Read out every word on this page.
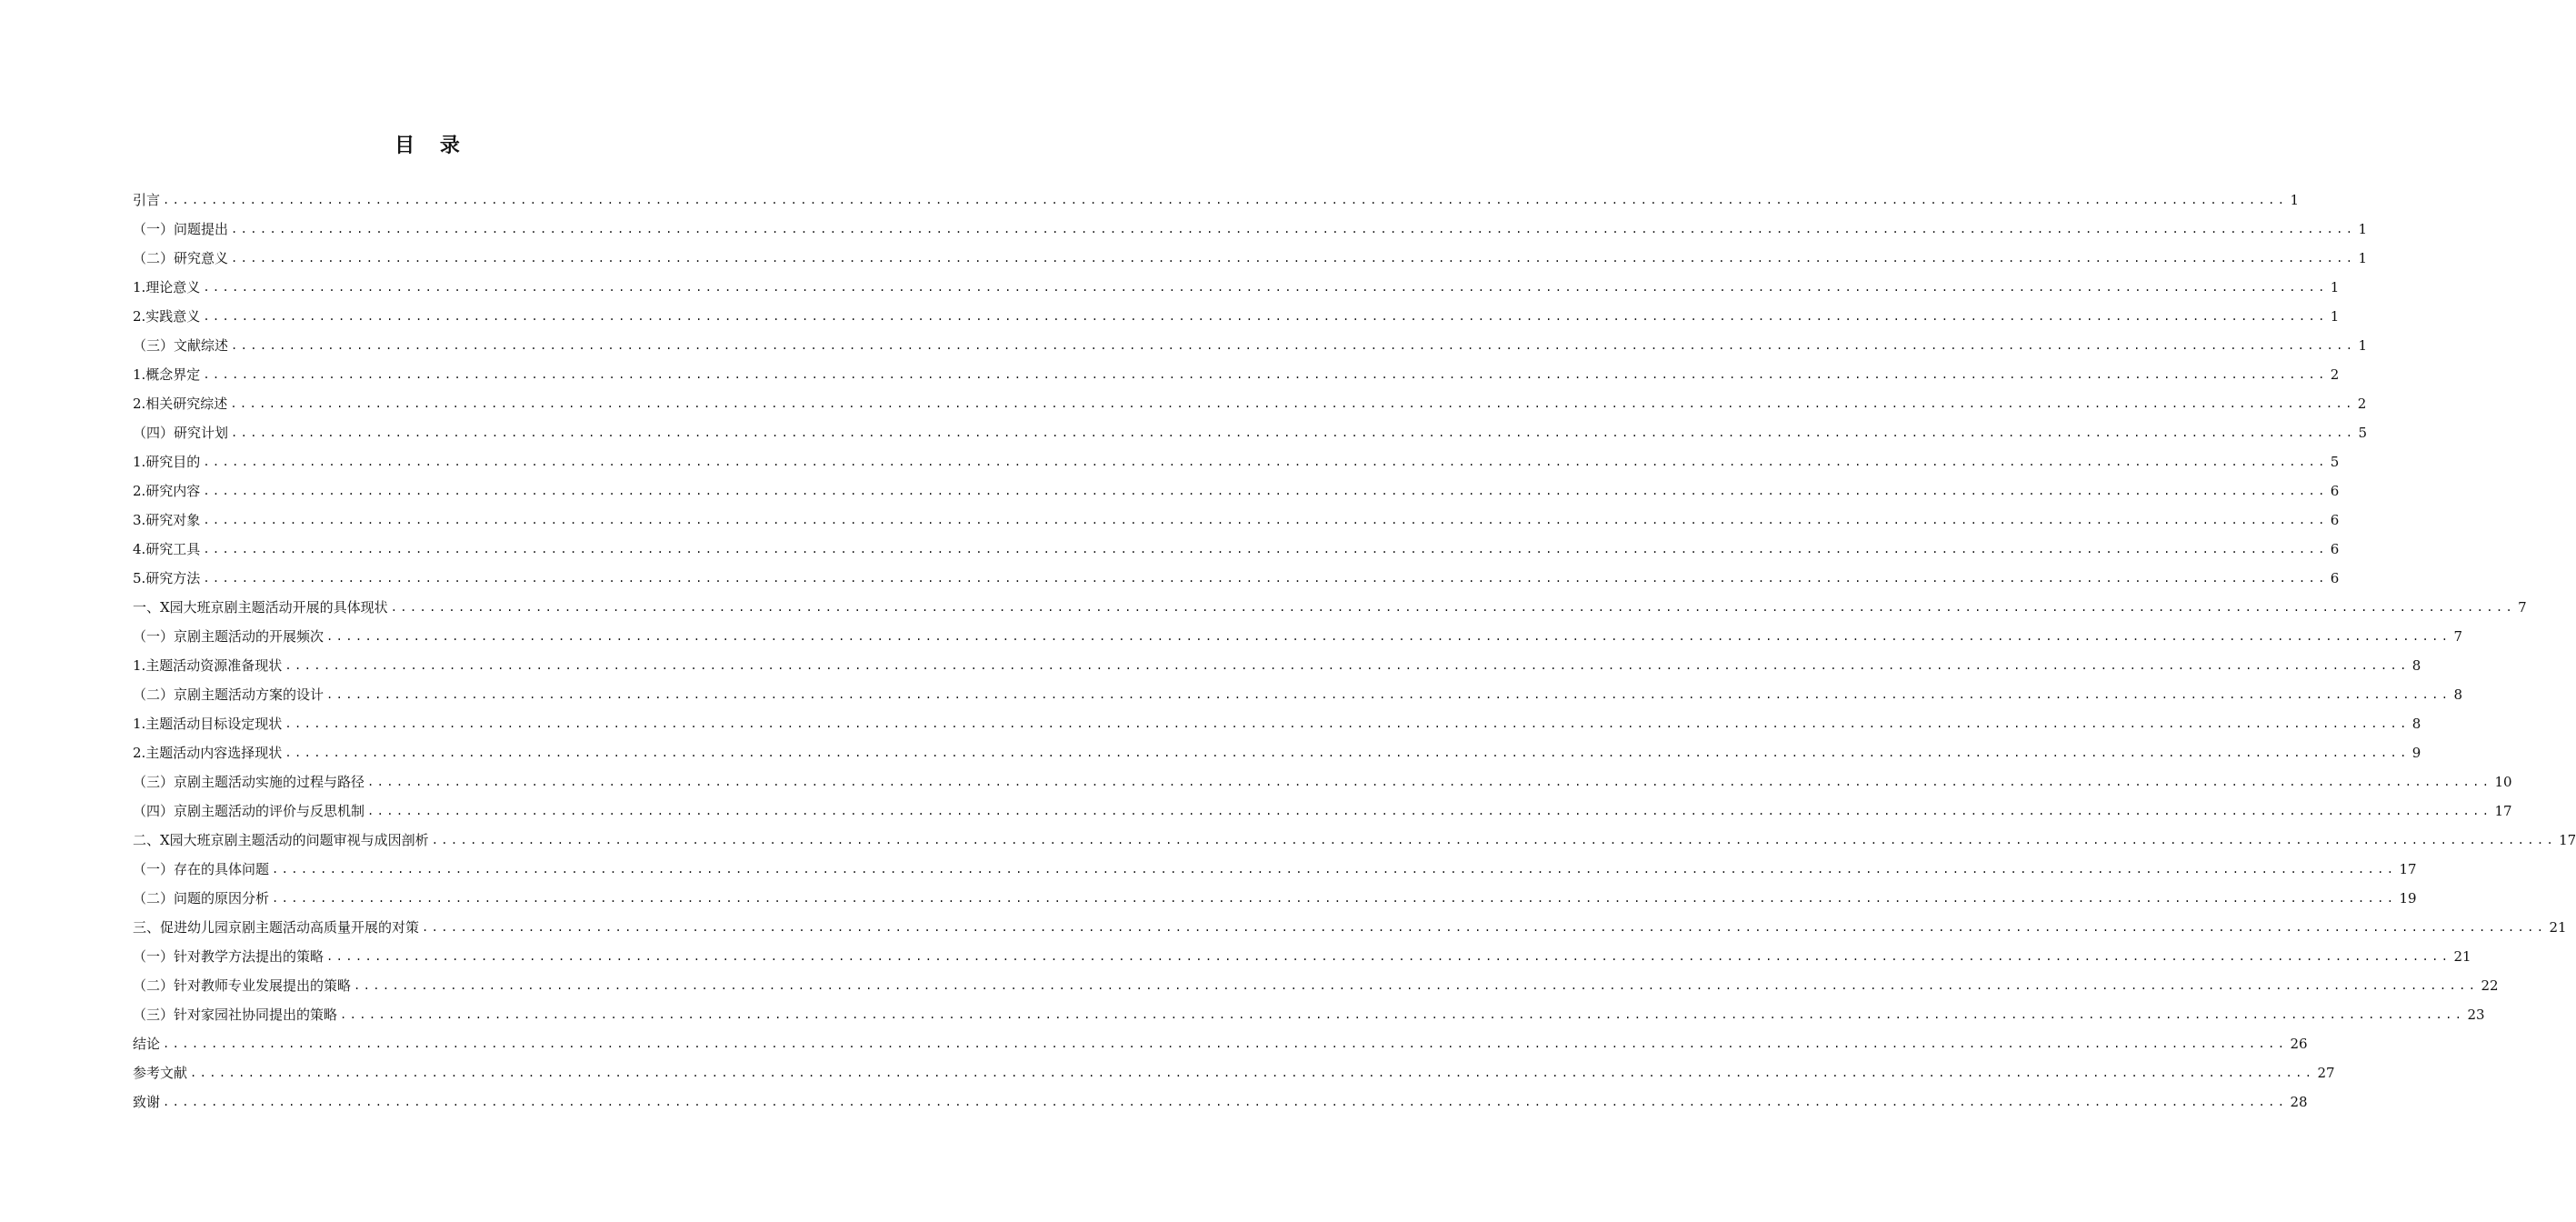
目 录
引言 ............................................................................................................................................................................................................................ 1
（一）问题提出 ............................................................................................................................................................................................................................ 1
（二）研究意义 ............................................................................................................................................................................................................................ 1
1.理论意义 ............................................................................................................................................................................................................................ 1
2.实践意义 ............................................................................................................................................................................................................................ 1
（三）文献综述 ............................................................................................................................................................................................................................ 1
1.概念界定 ............................................................................................................................................................................................................................ 2
2.相关研究综述 ............................................................................................................................................................................................................................ 2
（四）研究计划 ............................................................................................................................................................................................................................ 5
1.研究目的 ............................................................................................................................................................................................................................ 5
2.研究内容 ............................................................................................................................................................................................................................ 6
3.研究对象 ............................................................................................................................................................................................................................ 6
4.研究工具 ............................................................................................................................................................................................................................ 6
5.研究方法 ............................................................................................................................................................................................................................ 6
一、X园大班京剧主题活动开展的具体现状 ............................................................................................................................................................................................................................ 7
（一）京剧主题活动的开展频次 ............................................................................................................................................................................................................................ 7
1.主题活动资源准备现状 ............................................................................................................................................................................................................................ 8
（二）京剧主题活动方案的设计 ............................................................................................................................................................................................................................ 8
1.主题活动目标设定现状 ............................................................................................................................................................................................................................ 8
2.主题活动内容选择现状 ............................................................................................................................................................................................................................ 9
（三）京剧主题活动实施的过程与路径 ............................................................................................................................................................................................................................ 10
（四）京剧主题活动的评价与反思机制 ............................................................................................................................................................................................................................ 17
二、X园大班京剧主题活动的问题审视与成因剖析 ............................................................................................................................................................................................................................ 17
（一）存在的具体问题 ............................................................................................................................................................................................................................ 17
（二）问题的原因分析 ............................................................................................................................................................................................................................ 19
三、促进幼儿园京剧主题活动高质量开展的对策 ............................................................................................................................................................................................................................ 21
（一）针对教学方法提出的策略 ............................................................................................................................................................................................................................ 21
（二）针对教师专业发展提出的策略 ............................................................................................................................................................................................................................ 22
（三）针对家园社协同提出的策略 ............................................................................................................................................................................................................................ 23
结论 ............................................................................................................................................................................................................................ 26
参考文献 ............................................................................................................................................................................................................................ 27
致谢 ............................................................................................................................................................................................................................ 28
